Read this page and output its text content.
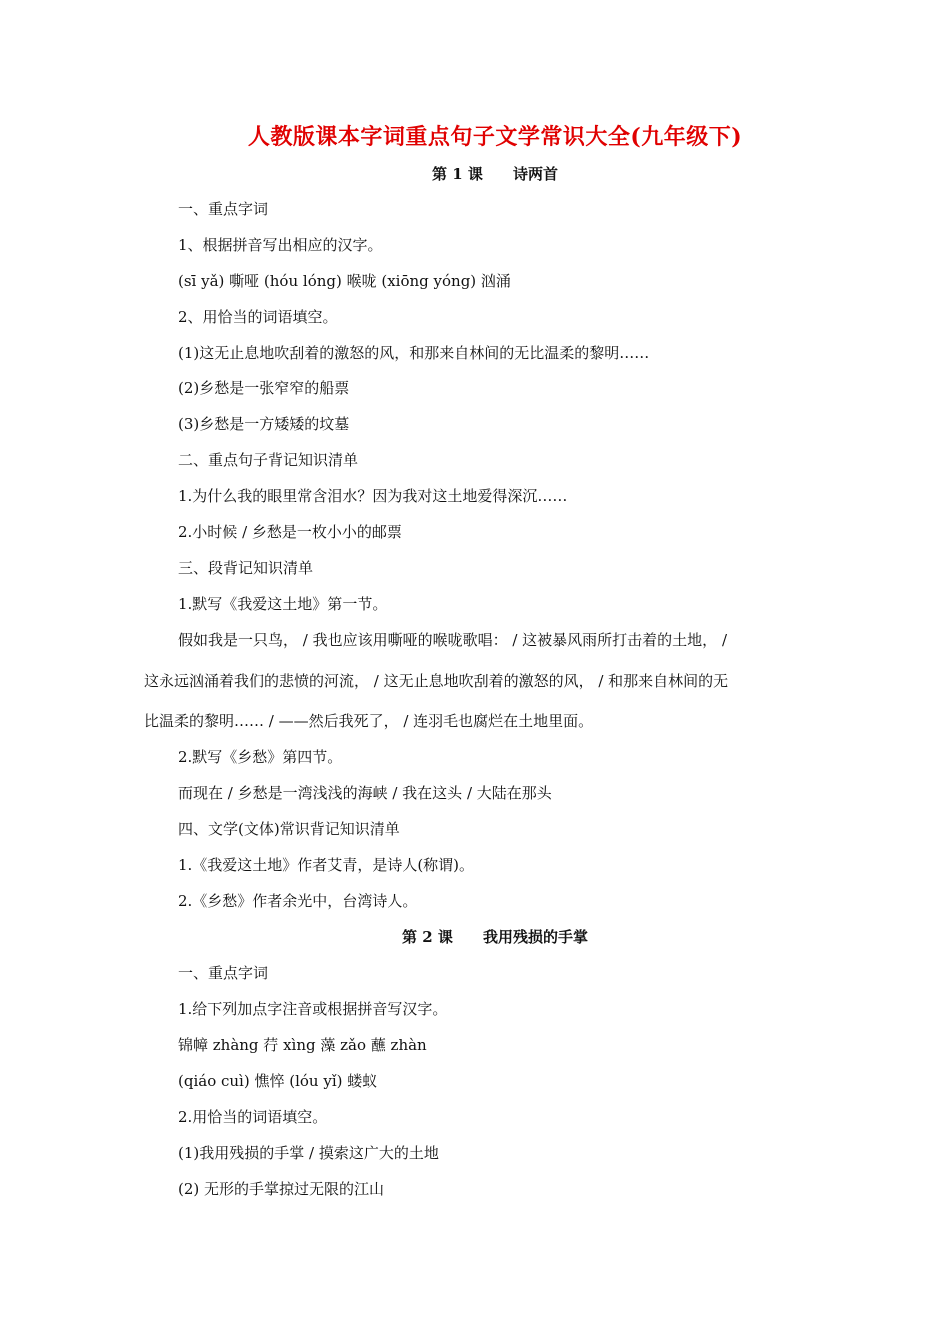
人教版课本字词重点句子文学常识大全(九年级下)
第 1 课 诗两首
一、重点字词
1、根据拼音写出相应的汉字。
(sī yǎ) 嘶哑 (hóu lóng) 喉咙 (xiōng yóng) 汹涌
2、用恰当的词语填空。
(1)这无止息地吹刮着的激怒的风，和那来自林间的无比温柔的黎明……
(2)乡愁是一张窄窄的船票
(3)乡愁是一方矮矮的坟墓
二、重点句子背记知识清单
1.为什么我的眼里常含泪水？因为我对这土地爱得深沉……
2.小时候 / 乡愁是一枚小小的邮票
三、段背记知识清单
1.默写《我爱这土地》第一节。
假如我是一只鸟， / 我也应该用嘶哑的喉咙歌唱： / 这被暴风雨所打击着的土地， /
这永远汹涌着我们的悲愤的河流， / 这无止息地吹刮着的激怒的风， / 和那来自林间的无
比温柔的黎明…… / ——然后我死了， / 连羽毛也腐烂在土地里面。
2.默写《乡愁》第四节。
而现在 / 乡愁是一湾浅浅的海峡 / 我在这头 / 大陆在那头
四、文学(文体)常识背记知识清单
1.《我爱这土地》作者艾青，是诗人(称谓)。
2.《乡愁》作者余光中，台湾诗人。
第 2 课 我用残损的手掌
一、重点字词
1.给下列加点字注音或根据拼音写汉字。
锦幛 zhàng 荇 xìng 藻 zǎo 蘸 zhàn
(qiáo cuì) 憔悴 (lóu yǐ) 蝼蚁
2.用恰当的词语填空。
(1)我用残损的手掌 / 摸索这广大的土地
(2) 无形的手掌掠过无限的江山
